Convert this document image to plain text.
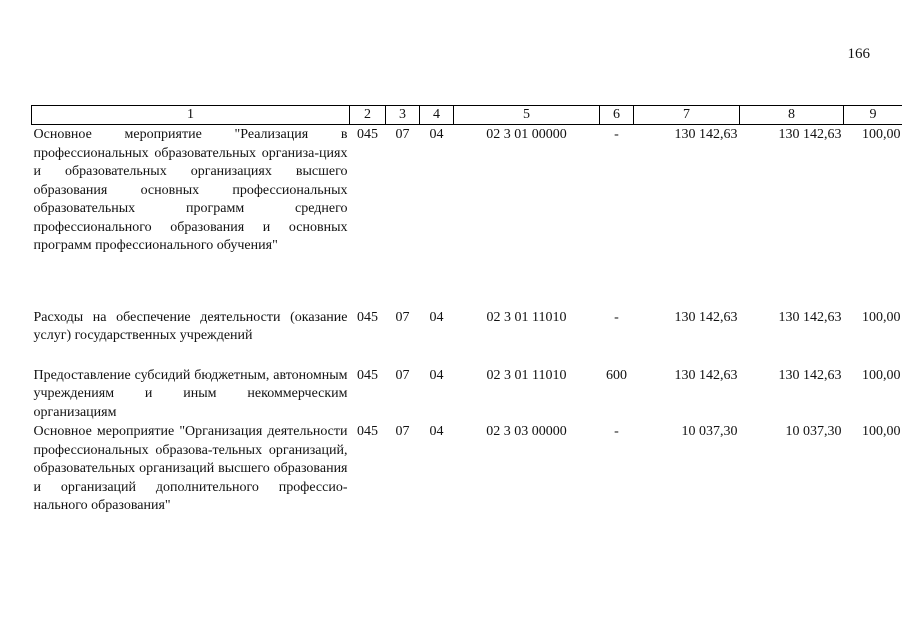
166
1	2	3	4	5	6	7	8	9
Основное мероприятие "Реализация в профессиональных образовательных организа-циях и образовательных организациях высшего образования основных профессиональных образовательных программ среднего профессионального образования и основных программ профессионального обучения"	045	07	04	02 3 01 00000	-	130 142,63	130 142,63	100,00
Расходы на обеспечение деятельности (оказание услуг) государственных учреждений	045	07	04	02 3 01 11010	-	130 142,63	130 142,63	100,00
Предоставление субсидий бюджетным, автономным учреждениям и иным некоммерческим организациям	045	07	04	02 3 01 11010	600	130 142,63	130 142,63	100,00
Основное мероприятие "Организация деятельности профессиональных образова-тельных организаций, образовательных организаций высшего образования и организаций дополнительного профессио-нального образования"	045	07	04	02 3 03 00000	-	10 037,30	10 037,30	100,00
